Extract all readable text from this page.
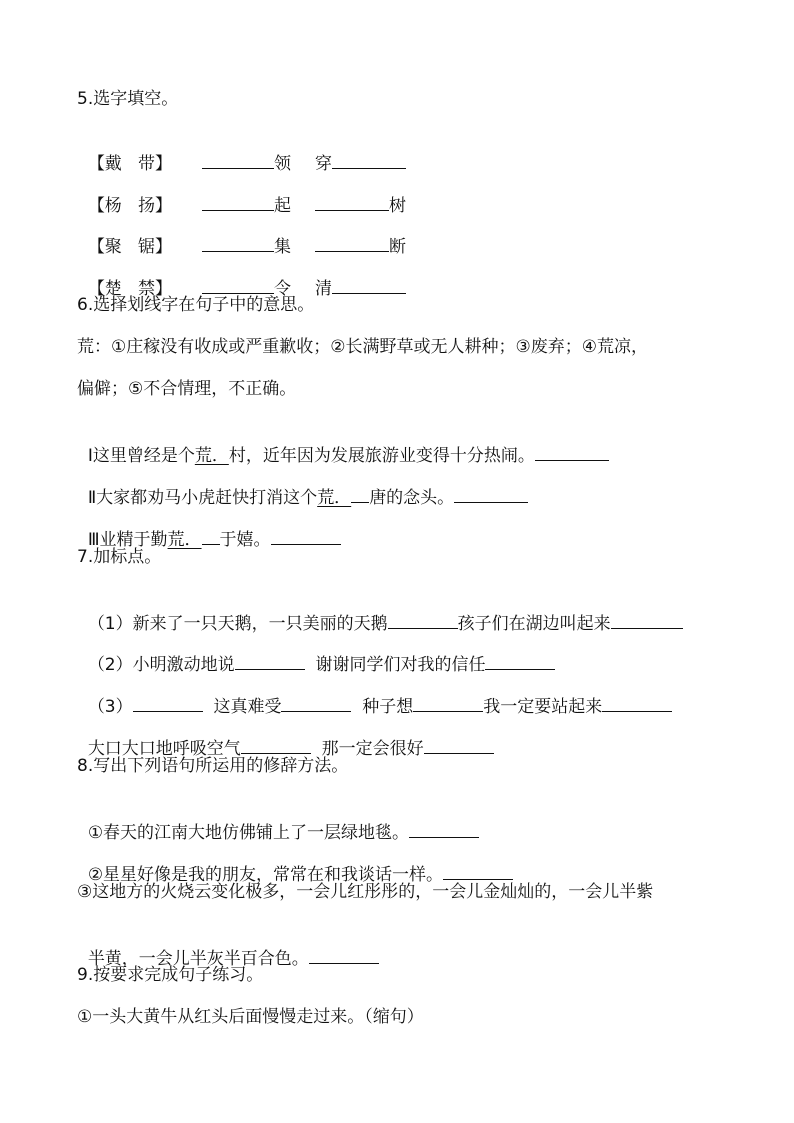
5.选字填空。

【戴   带】	领 穿

【杨   扬】	起	树

【聚   锯】	集	断

【楚   禁】	令 清

6.选择划线字在句子中的意思。
荒：①庄稼没有收成或严重歉收；②长满野草或无人耕种；③废弃；④荒凉，
偏僻；⑤不合情理，不正确。

Ⅰ这里曾经是个荒．村，近年因为发展旅游业变得十分热闹。

Ⅱ大家都劝马小虎赶快打消这个荒． 唐的念头。

Ⅲ业精于勤荒． 于嬉。

7.加标点。

（1）新来了一只天鹅，一只美丽的天鹅	孩子们在湖边叫起来

（2）小明激动地说	谢谢同学们对我的信任

（3）	这真难受	种子想	我一定要站起来

大口大口地呼吸空气	那一定会很好

8.写出下列语句所运用的修辞方法。

①春天的江南大地仿佛铺上了一层绿地毯。

②星星好像是我的朋友，常常在和我谈话一样。

③这地方的火烧云变化极多，一会儿红彤彤的，一会儿金灿灿的，一会儿半紫

半黄，一会儿半灰半百合色。

9.按要求完成句子练习。
①一头大黄牛从红头后面慢慢走过来。（缩句）
